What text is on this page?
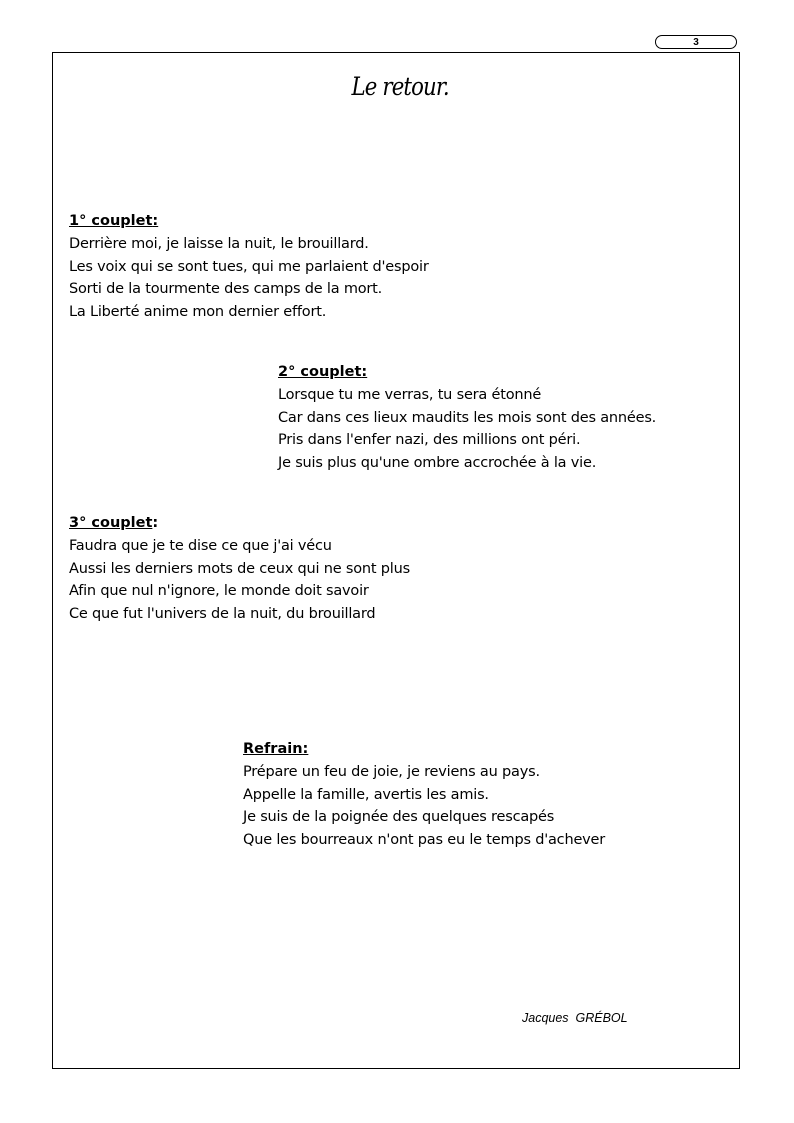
3
Le retour.
1° couplet:
Derrière moi, je laisse la nuit, le brouillard.
Les voix qui se sont tues, qui me parlaient d'espoir
Sorti de la tourmente des camps de la mort.
La Liberté anime mon dernier effort.
2° couplet:
Lorsque tu me verras, tu sera étonné
Car dans ces lieux maudits les mois sont des années.
Pris dans l'enfer nazi, des millions ont péri.
Je suis plus qu'une ombre accrochée à la vie.
3° couplet:
Faudra que je te dise ce que j'ai vécu
Aussi les derniers mots de ceux qui ne sont plus
Afin que nul n'ignore, le monde doit savoir
Ce que fut l'univers de la nuit, du brouillard
Refrain:
Prépare un feu de joie, je reviens au pays.
Appelle la famille, avertis les amis.
Je suis de la poignée des quelques rescapés
Que les bourreaux n'ont pas eu le temps d'achever
Jacques  GRÉBOL
